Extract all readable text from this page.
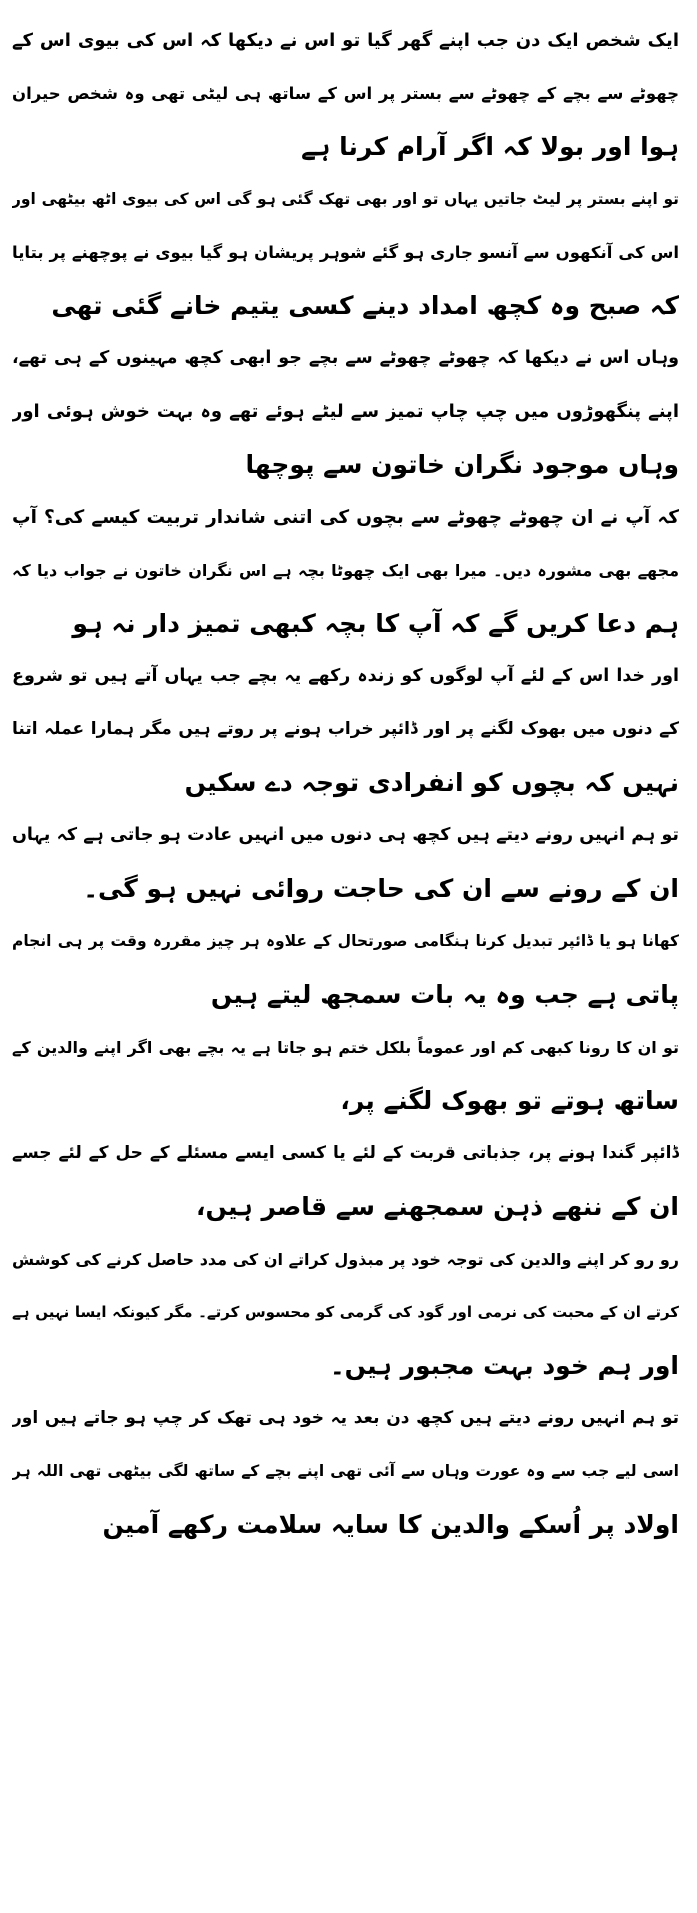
ایک شخص ایک دن جب اپنے گھر گیا تو اس نے دیکھا کہ اس کی بیوی اس کے
چھوٹے سے بچے کے چھوٹے سے بستر پر اس کے ساتھ ہی لیٹی تھی وہ شخص حیران
ہوا اور بولا کہ اگر آرام کرنا ہے
تو اپنے بستر پر لیٹ جاتیں یہاں تو اور بھی تھک گئی ہو گی اس کی بیوی اٹھ بیٹھی اور
اس کی آنکھوں سے آنسو جاری ہو گئے شوہر پریشان ہو گیا بیوی نے پوچھنے پر بتایا
کہ صبح وہ کچھ امداد دینے کسی یتیم خانے گئی تھی
وہاں اس نے دیکھا کہ چھوٹے چھوٹے سے بچے جو ابھی کچھ مہینوں کے ہی تھے،
اپنے پنگھوڑوں میں چپ چاپ تمیز سے لیٹے ہوئے تھے وہ بہت خوش ہوئی اور
وہاں موجود نگران خاتون سے پوچھا
کہ آپ نے ان چھوٹے چھوٹے سے بچوں کی اتنی شاندار تربیت کیسے کی؟ آپ
مجھے بھی مشورہ دیں۔ میرا بھی ایک چھوٹا بچہ ہے اس نگران خاتون نے جواب دیا کہ
ہم دعا کریں گے کہ آپ کا بچہ کبھی تمیز دار نہ ہو
اور خدا اس کے لئے آپ لوگوں کو زندہ رکھے یہ بچے جب یہاں آتے ہیں تو شروع
کے دنوں میں بھوک لگنے پر اور ڈائپر خراب ہونے پر روتے ہیں مگر ہمارا عملہ اتنا
نہیں کہ بچوں کو انفرادی توجہ دے سکیں
تو ہم انہیں رونے دیتے ہیں کچھ ہی دنوں میں انہیں عادت ہو جاتی ہے کہ یہاں
ان کے رونے سے ان کی حاجت روائی نہیں ہو گی۔
کھانا ہو یا ڈائپر تبدیل کرنا ہنگامی صورتحال کے علاوہ ہر چیز مقررہ وقت پر ہی انجام
پاتی ہے جب وہ یہ بات سمجھ لیتے ہیں
تو ان کا رونا کبھی کم اور عموماً بلکل ختم ہو جاتا ہے یہ بچے بھی اگر اپنے والدین کے
ساتھ ہوتے تو بھوک لگنے پر،
ڈائپر گندا ہونے پر، جذباتی قربت کے لئے یا کسی ایسے مسئلے کے حل کے لئے جسے
ان کے ننھے ذہن سمجھنے سے قاصر ہیں،
رو رو کر اپنے والدین کی توجہ خود پر مبذول کراتے ان کی مدد حاصل کرنے کی کوشش
کرتے ان کے محبت کی نرمی اور گود کی گرمی کو محسوس کرتے۔ مگر کیونکہ ایسا نہیں ہے
اور ہم خود بہت مجبور ہیں۔
تو ہم انہیں رونے دیتے ہیں کچھ دن بعد یہ خود ہی تھک کر چپ ہو جاتے ہیں اور
اسی لیے جب سے وہ عورت وہاں سے آئی تھی اپنے بچے کے ساتھ لگی بیٹھی تھی اللہ ہر
اولاد پر اُسکے والدین کا سایہ سلامت رکھے آمین
